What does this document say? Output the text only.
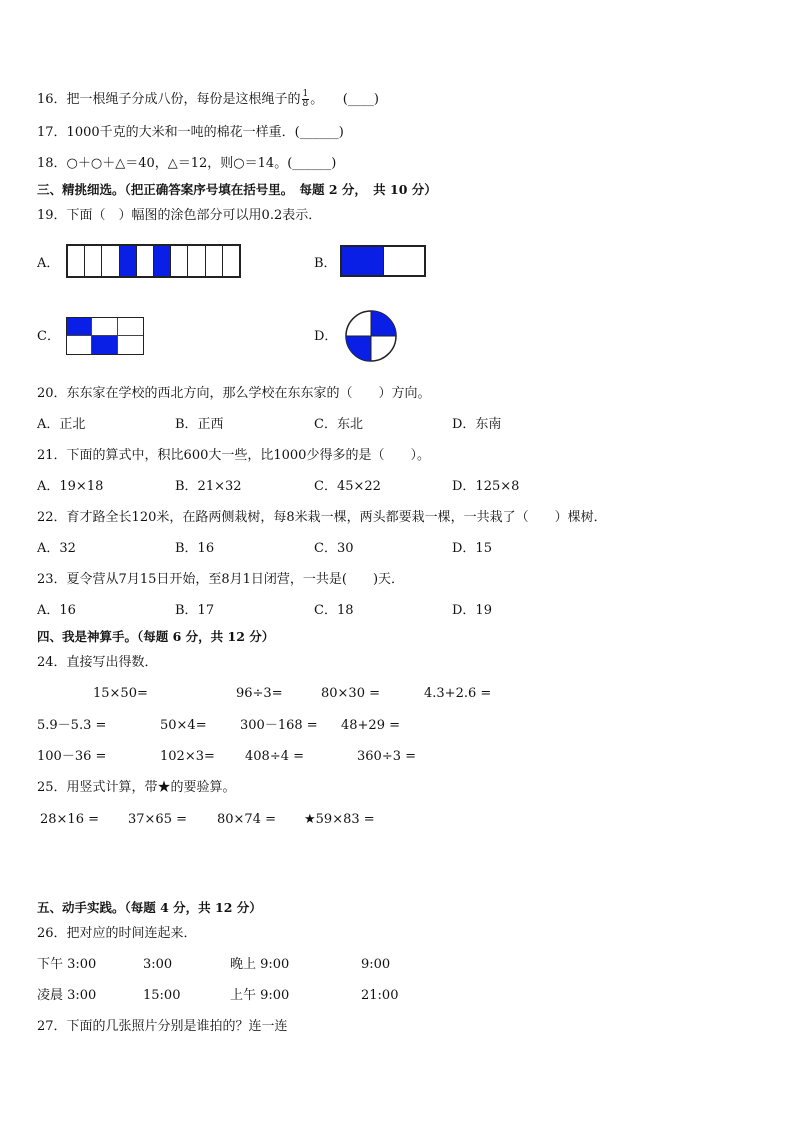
16．把一根绳子分成八份，每份是这根绳子的 $\frac{1}{8}$ 。　　(____)
17．1000千克的大米和一吨的棉花一样重．(______)
18．○＋○＋△＝40，△＝12，则○＝14。(______)
三、精挑细选。（把正确答案序号填在括号里。　每题 2 分，　共 10 分）
19．下面（　）幅图的涂色部分可以用0.2表示．
A．	B．
C．	D．
20．东东家在学校的西北方向，那么学校在东东家的（　　）方向。
A．正北	B．正西	C．东北	D．东南
21．下面的算式中，积比600大一些，比1000少得多的是（　　）。
A．19×18	B．21×32	C．45×22	D．125×8
22．育才路全长120米，在路两侧栽树，每8米栽一棵，两头都要栽一棵，一共栽了（　　）棵树．
A．32	B．16	C．30	D．15
23．夏令营从7月15日开始，至8月1日闭营，一共是(　　)天．
A．16	B．17	C．18	D．19
四、我是神算手。（每题 6 分，共 12 分）
24．直接写出得数．
15×50=	96÷3=	80×30 =	4.3+2.6 =
5.9－5.3 =	50×4=	300－168 = 48+29 =
100－36 =	102×3= 408÷4 =	360÷3 =
25．用竖式计算，带★的要验算。
28×16 = 37×65 = 80×74 = ★59×83 =
五、动手实践。（每题 4 分，共 12 分）
26．把对应的时间连起来．
下午 3:00	3:00	晚上 9:00	9:00
凌晨 3:00	15:00	上午 9:00	21:00
27．下面的几张照片分别是谁拍的？连一连
